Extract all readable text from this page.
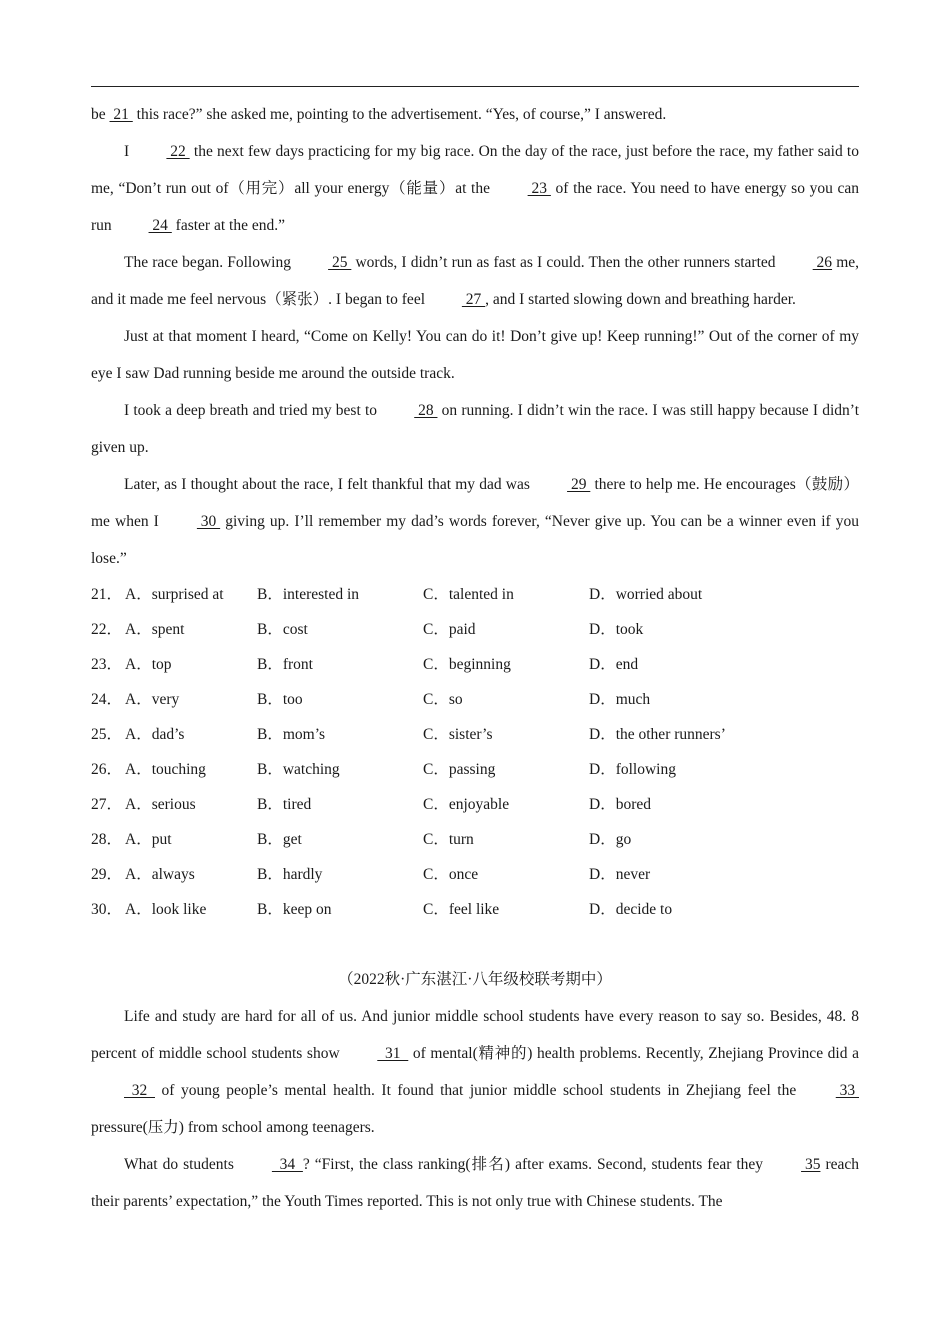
be  21  this race?” she asked me, pointing to the advertisement. “Yes, of course,” I answered.

I  22  the next few days practicing for my big race. On the day of the race, just before the race, my father said to me, “Don’t run out of（用完）all your energy（能量）at the  23  of the race. You need to have energy so you can run  24  faster at the end.”

The race began. Following  25  words, I didn’t run as fast as I could. Then the other runners started  26 me, and it made me feel nervous（紧张）. I began to feel  27 , and I started slowing down and breathing harder.

Just at that moment I heard, “Come on Kelly! You can do it! Don’t give up! Keep running!” Out of the corner of my eye I saw Dad running beside me around the outside track.

I took a deep breath and tried my best to  28  on running. I didn’t win the race. I was still happy because I didn’t given up.

Later, as I thought about the race, I felt thankful that my dad was  29  there to help me. He encourages（鼓励）me when I  30  giving up. I’ll remember my dad’s words forever, “Never give up. You can be a winner even if you lose.”

21． A．surprised at	B．interested in	C．talented in	D．worried about
22． A．spent	B．cost	C．paid	D．took
23． A．top	B．front	C．beginning	D．end
24． A．very	B．too	C．so	D．much
25． A．dad’s	B．mom’s	C．sister’s	D．the other runners’
26． A．touching	B．watching	C．passing	D．following
27． A．serious	B．tired	C．enjoyable	D．bored
28． A．put	B．get	C．turn	D．go
29． A．always	B．hardly	C．once	D．never
30． A．look like	B．keep on	C．feel like	D．decide to
（2022秋·广东湛江·八年级校联考期中）

Life and study are hard for all of us. And junior middle school students have every reason to say so. Besides, 48. 8 percent of middle school students show   31   of mental(精神的) health problems. Recently, Zhejiang Province did a   32   of young people’s mental health. It found that junior middle school students in Zhejiang feel the  33  pressure(压力) from school among teenagers.

What do students   34  ? “First, the class ranking(排名) after exams. Second, students fear they  35 reach their parents’ expectation,” the Youth Times reported. This is not only true with Chinese students. The
